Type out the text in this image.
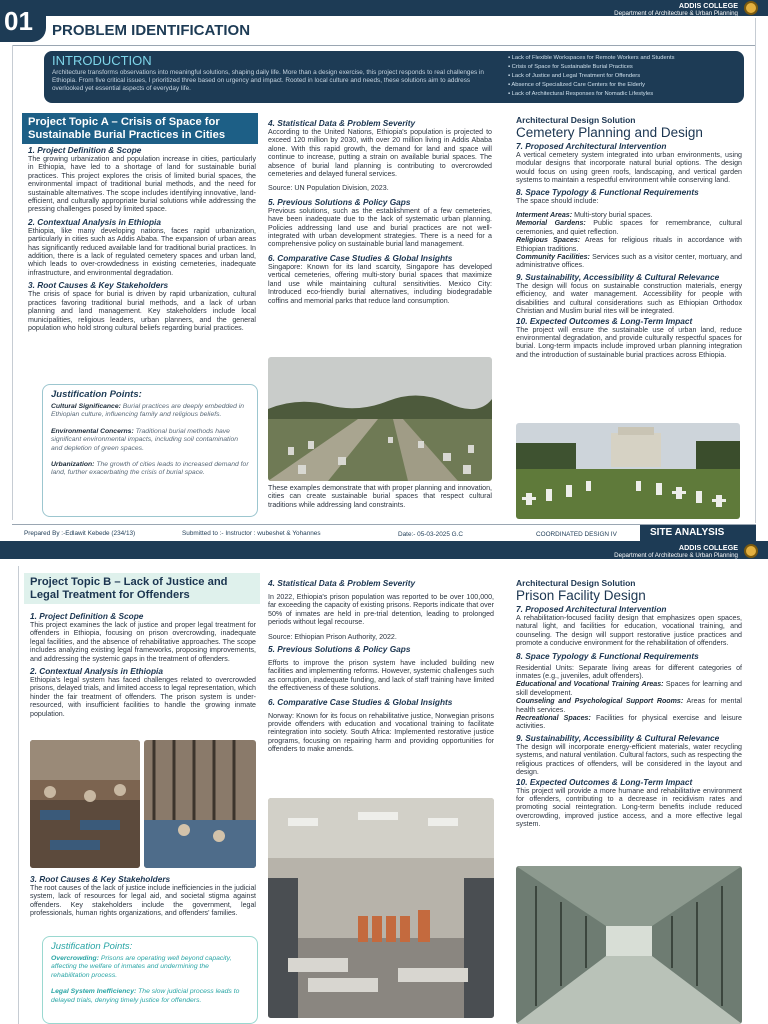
01 PROBLEM IDENTIFICATION
ADDIS COLLEGE
Department of Architecture & Urban Planning
INTRODUCTION
Architecture transforms observations into meaningful solutions, shaping daily life. More than a design exercise, this project responds to real challenges in Ethiopia. From five critical issues, I prioritized three based on urgency and impact. Rooted in local culture and needs, these solutions aim to address overlooked yet essential aspects of everyday life.
▪ Lack of Flexible Workspaces for Remote Workers and Students
▪ Crisis of Space for Sustainable Burial Practices
▪ Lack of Justice and Legal Treatment for Offenders
▪ Absence of Specialized Care Centers for the Elderly
▪ Lack of Architectural Responses for Nomadic Lifestyles
Project Topic A – Crisis of Space for Sustainable Burial Practices in Cities
1. Project Definition & Scope
The growing urbanization and population increase in cities, particularly in Ethiopia, have led to a shortage of land for sustainable burial practices. This project explores the crisis of limited burial spaces, the environmental impact of traditional burial methods, and the need for sustainable alternatives. The scope includes identifying innovative, land-efficient, and culturally appropriate burial solutions while addressing the pressing challenges posed by limited space.
2. Contextual Analysis in Ethiopia
Ethiopia, like many developing nations, faces rapid urbanization, particularly in cities such as Addis Ababa. The expansion of urban areas has significantly reduced available land for traditional burial practices. In addition, there is a lack of regulated cemetery spaces and urban land, which leads to over-crowdedness in existing cemeteries, inadequate infrastructure, and environmental degradation.
3. Root Causes & Key Stakeholders
The crisis of space for burial is driven by rapid urbanization, cultural practices favoring traditional burial methods, and a lack of urban planning and land management. Key stakeholders include local municipalities, religious leaders, urban planners, and the general population who hold strong cultural beliefs regarding burial practices.
Justification Points:
Cultural Significance: Burial practices are deeply embedded in Ethiopian culture, influencing family and religious beliefs.
Environmental Concerns: Traditional burial methods have significant environmental impacts, including soil contamination and depletion of green spaces.
Urbanization: The growth of cities leads to increased demand for land, further exacerbating the crisis of burial space.
4. Statistical Data & Problem Severity
According to the United Nations, Ethiopia's population is projected to exceed 120 million by 2030, with over 20 million living in Addis Ababa alone. With this rapid growth, the demand for land and space will continue to increase, putting a strain on available burial spaces. The absence of burial land planning is contributing to overcrowded cemeteries and delayed funeral services.
Source: UN Population Division, 2023.
5. Previous Solutions & Policy Gaps
Previous solutions, such as the establishment of a few cemeteries, have been inadequate due to the lack of systematic urban planning. Policies addressing land use and burial practices are not well-integrated with urban development strategies. There is a need for a comprehensive policy on sustainable burial land management.
6. Comparative Case Studies & Global Insights
Singapore: Known for its land scarcity, Singapore has developed vertical cemeteries, offering multi-story burial spaces that maximize land use while maintaining cultural sensitivities. Mexico City: Introduced eco-friendly burial alternatives, including biodegradable coffins and memorial parks that reduce land consumption.
These examples demonstrate that with proper planning and innovation, cities can create sustainable burial spaces that respect cultural traditions while addressing land constraints.
Architectural Design Solution
Cemetery Planning and Design
7. Proposed Architectural Intervention
A vertical cemetery system integrated into urban environments, using modular designs that incorporate natural burial options. The design would focus on using green roofs, landscaping, and vertical garden systems to maintain a respectful environment while conserving land.
8. Space Typology & Functional Requirements
The space should include:
Interment Areas: Multi-story burial spaces.
Memorial Gardens: Public spaces for remembrance, cultural ceremonies, and quiet reflection.
Religious Spaces: Areas for religious rituals in accordance with Ethiopian traditions.
Community Facilities: Services such as a visitor center, mortuary, and administrative offices.
9. Sustainability, Accessibility & Cultural Relevance
The design will focus on sustainable construction materials, energy efficiency, and water management. Accessibility for people with disabilities and cultural considerations such as Ethiopian Orthodox Christian and Muslim burial rites will be integrated.
10. Expected Outcomes & Long-Term Impact
The project will ensure the sustainable use of urban land, reduce environmental degradation, and provide culturally respectful spaces for burial. Long-term impacts include improved urban planning integration and the introduction of sustainable burial practices across Ethiopia.
Prepared By :-Edlawit Kebede (234/13)	Submitted to :- Instructor : wubeshet & Yohannes	Date:- 05-03-2025 G.C	COORDINATED DESIGN IV	SITE ANALYSIS
ADDIS COLLEGE
Department of Architecture & Urban Planning
Project Topic B – Lack of Justice and Legal Treatment for Offenders
1. Project Definition & Scope
This project examines the lack of justice and proper legal treatment for offenders in Ethiopia, focusing on prison overcrowding, inadequate legal facilities, and the absence of rehabilitative approaches. The scope includes analyzing existing legal frameworks, proposing improvements, and addressing the systemic gaps in the treatment of offenders.
2. Contextual Analysis in Ethiopia
Ethiopia's legal system has faced challenges related to overcrowded prisons, delayed trials, and limited access to legal representation, which hinder the fair treatment of offenders. The prison system is under-resourced, with insufficient facilities to handle the growing inmate population.
3. Root Causes & Key Stakeholders
The root causes of the lack of justice include inefficiencies in the judicial system, lack of resources for legal aid, and societal stigma against offenders. Key stakeholders include the government, legal professionals, human rights organizations, and offenders' families.
Justification Points:
Overcrowding: Prisons are operating well beyond capacity, affecting the welfare of inmates and undermining the rehabilitation process.
Legal System Inefficiency: The slow judicial process leads to delayed trials, denying timely justice for offenders.
4. Statistical Data & Problem Severity
In 2022, Ethiopia's prison population was reported to be over 100,000, far exceeding the capacity of existing prisons. Reports indicate that over 50% of inmates are held in pre-trial detention, leading to prolonged periods without legal recourse.
Source: Ethiopian Prison Authority, 2022.
5. Previous Solutions & Policy Gaps
Efforts to improve the prison system have included building new facilities and implementing reforms. However, systemic challenges such as corruption, inadequate funding, and lack of staff training have limited the effectiveness of these solutions.
6. Comparative Case Studies & Global Insights
Norway: Known for its focus on rehabilitative justice, Norwegian prisons provide offenders with education and vocational training to facilitate reintegration into society. South Africa: Implemented restorative justice programs, focusing on repairing harm and providing opportunities for offenders to make amends.
Architectural Design Solution
Prison Facility Design
7. Proposed Architectural Intervention
A rehabilitation-focused facility design that emphasizes open spaces, natural light, and facilities for education, vocational training, and counseling. The design will support restorative justice practices and promote a conducive environment for the rehabilitation of offenders.
8. Space Typology & Functional Requirements
Residential Units: Separate living areas for different categories of inmates (e.g., juveniles, adult offenders).
Educational and Vocational Training Areas: Spaces for learning and skill development.
Counseling and Psychological Support Rooms: Areas for mental health services.
Recreational Spaces: Facilities for physical exercise and leisure activities.
9. Sustainability, Accessibility & Cultural Relevance
The design will incorporate energy-efficient materials, water recycling systems, and natural ventilation. Cultural factors, such as respecting the religious practices of offenders, will be considered in the layout and design.
10. Expected Outcomes & Long-Term Impact
This project will provide a more humane and rehabilitative environment for offenders, contributing to a decrease in recidivism rates and promoting social reintegration. Long-term benefits include reduced overcrowding, improved justice access, and a more effective legal system.
